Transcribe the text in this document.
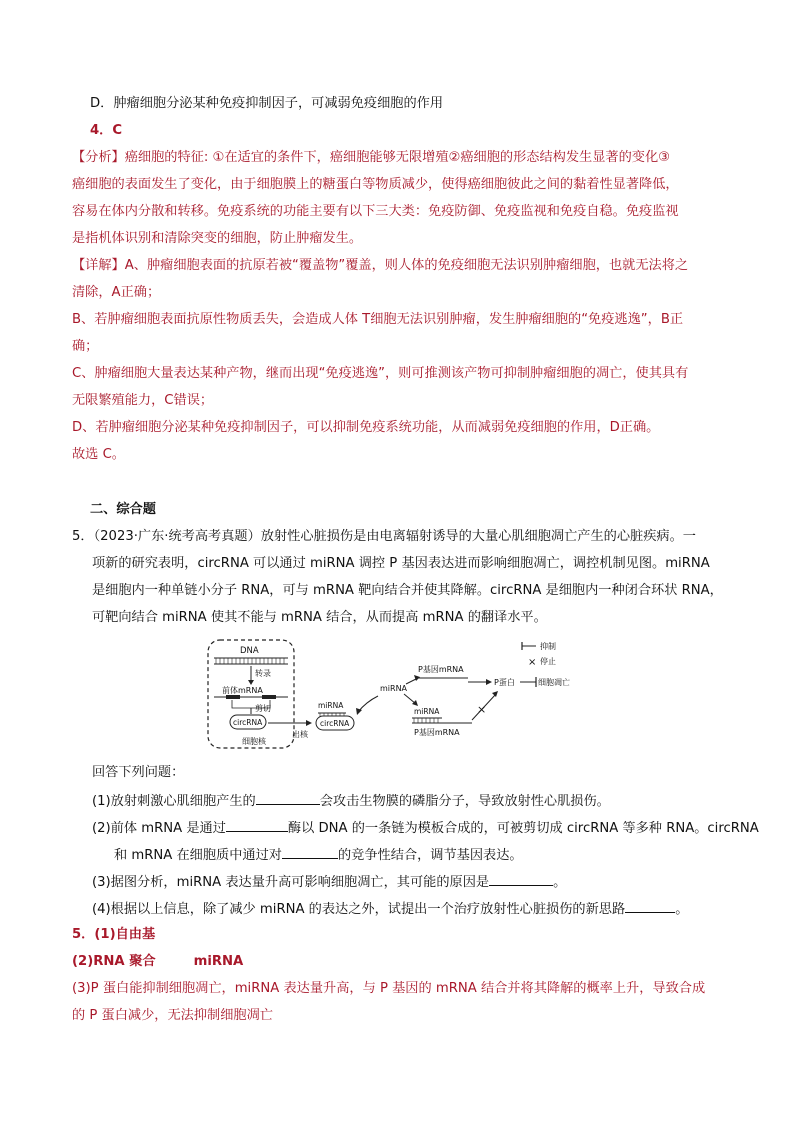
D．肿瘤细胞分泌某种免疫抑制因子，可减弱免疫细胞的作用
4．C
【分析】癌细胞的特征: ①在适宜的条件下，癌细胞能够无限增殖②癌细胞的形态结构发生显著的变化③
癌细胞的表面发生了变化，由于细胞膜上的糖蛋白等物质减少，使得癌细胞彼此之间的黏着性显著降低，
容易在体内分散和转移。免疫系统的功能主要有以下三大类：免疫防御、免疫监视和免疫自稳。免疫监视
是指机体识别和清除突变的细胞，防止肿瘤发生。
【详解】A、肿瘤细胞表面的抗原若被“覆盖物”覆盖，则人体的免疫细胞无法识别肿瘤细胞，也就无法将之
清除，A正确；
B、若肿瘤细胞表面抗原性物质丢失，会造成人体 T细胞无法识别肿瘤，发生肿瘤细胞的“免疫逃逸”，B正
确；
C、肿瘤细胞大量表达某种产物，继而出现“免疫逃逸”，则可推测该产物可抑制肿瘤细胞的凋亡，使其具有
无限繁殖能力，C错误；
D、若肿瘤细胞分泌某种免疫抑制因子，可以抑制免疫系统功能，从而减弱免疫细胞的作用，D正确。
故选 C。
二、综合题
5．（2023·广东·统考高考真题）放射性心脏损伤是由电离辐射诱导的大量心肌细胞凋亡产生的心脏疾病。一
项新的研究表明，circRNA 可以通过 miRNA 调控 P 基因表达进而影响细胞凋亡，调控机制见图。miRNA
是细胞内一种单链小分子 RNA，可与 mRNA 靶向结合并使其降解。circRNA 是细胞内一种闭合环状 RNA，
可靶向结合 miRNA 使其不能与 mRNA 结合，从而提高 mRNA 的翻译水平。
DNA
转录
前体mRNA
剪切
circRNA
细胞核
出核
miRNA
circRNA
miRNA
P基因mRNA
P蛋白	细胞凋亡
miRNA
P基因mRNA
×
抑制
× 停止
回答下列问题：
(1)放射刺激心肌细胞产生的	会攻击生物膜的磷脂分子，导致放射性心肌损伤。
(2)前体 mRNA 是通过	酶以 DNA 的一条链为模板合成的，可被剪切成 circRNA 等多种 RNA。circRNA
和 mRNA 在细胞质中通过对	的竞争性结合，调节基因表达。
(3)据图分析，miRNA 表达量升高可影响细胞凋亡，其可能的原因是	。
(4)根据以上信息，除了减少 miRNA 的表达之外，试提出一个治疗放射性心脏损伤的新思路	。
5．(1)自由基
(2)RNA 聚合	miRNA
(3)P 蛋白能抑制细胞凋亡，miRNA 表达量升高，与 P 基因的 mRNA 结合并将其降解的概率上升，导致合成
的 P 蛋白减少，无法抑制细胞凋亡
